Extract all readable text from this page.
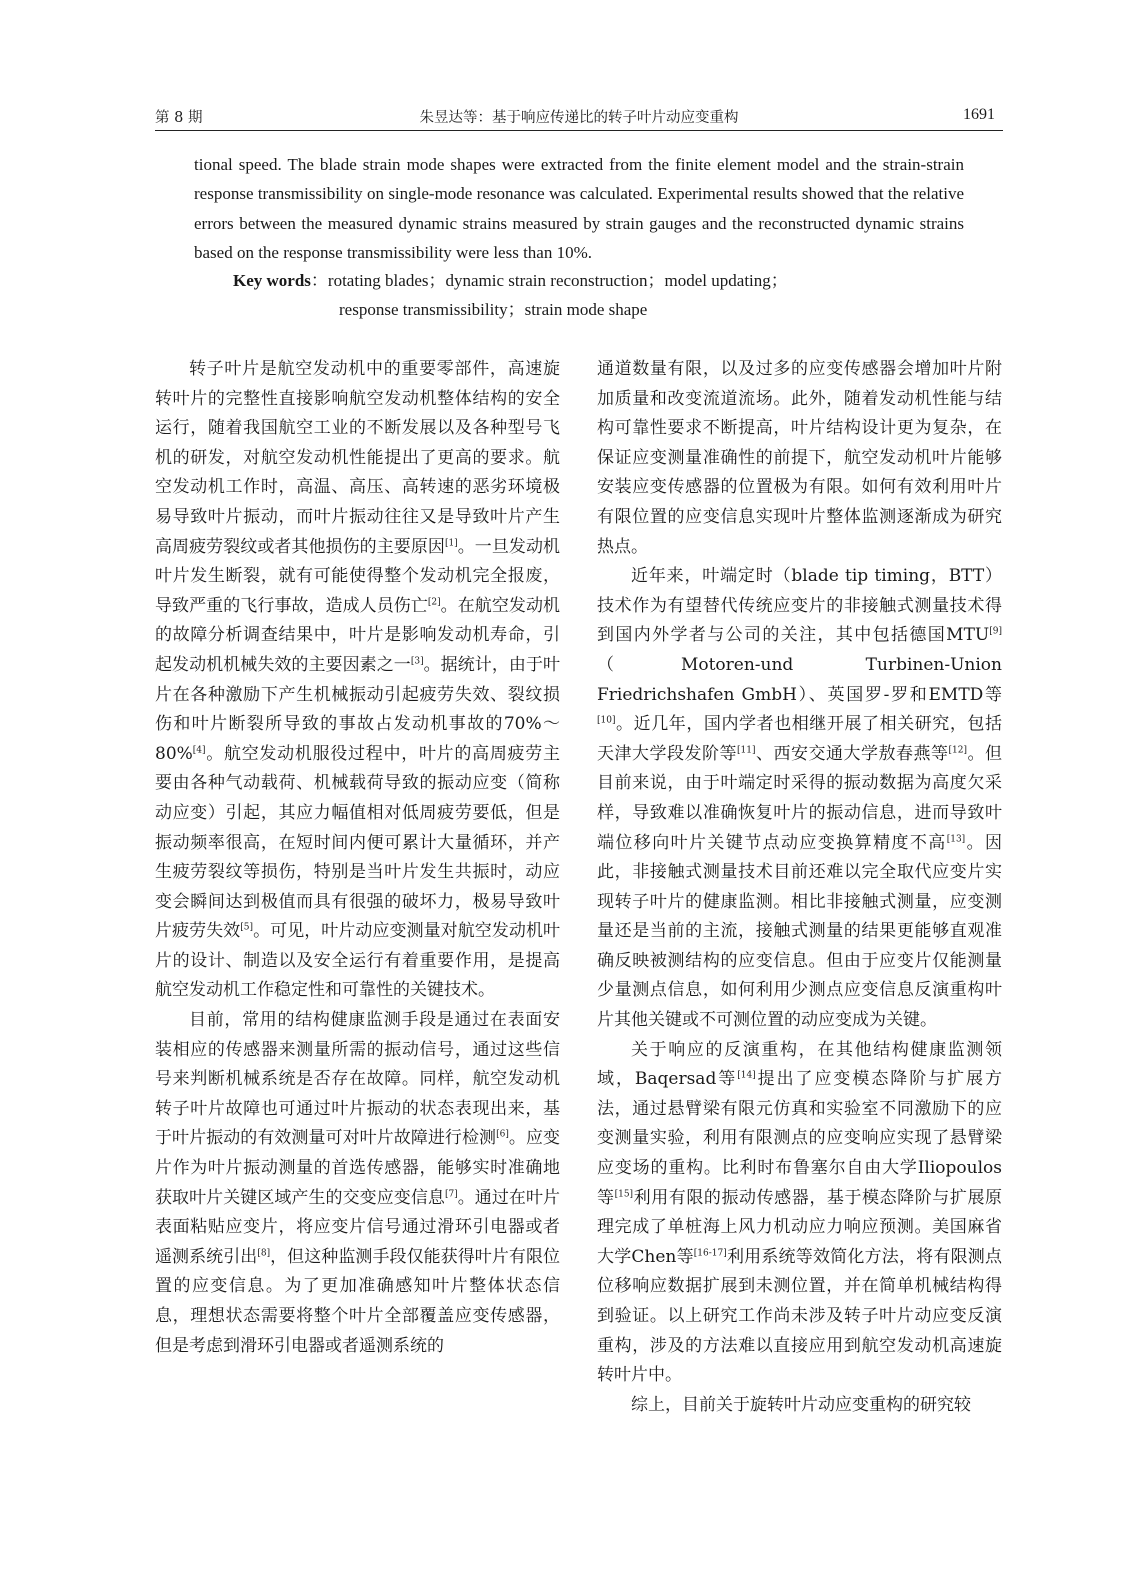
第 8 期	朱昱达等：基于响应传递比的转子叶片动应变重构	1691

tional speed. The blade strain mode shapes were extracted from the finite element model and the strain-strain response transmissibility on single-mode resonance was calculated. Experimental results showed that the relative errors between the measured dynamic strains measured by strain gauges and the reconstructed dynamic strains based on the response transmissibility were less than 10%.

Key words：rotating blades；dynamic strain reconstruction；model updating；
response transmissibility；strain mode shape

转子叶片是航空发动机中的重要零部件，高速旋转叶片的完整性直接影响航空发动机整体结构的安全运行，随着我国航空工业的不断发展以及各种型号飞机的研发，对航空发动机性能提出了更高的要求。航空发动机工作时，高温、高压、高转速的恶劣环境极易导致叶片振动，而叶片振动往往又是导致叶片产生高周疲劳裂纹或者其他损伤的主要原因[1]。一旦发动机叶片发生断裂，就有可能使得整个发动机完全报废，导致严重的飞行事故，造成人员伤亡[2]。在航空发动机的故障分析调查结果中，叶片是影响发动机寿命，引起发动机机械失效的主要因素之一[3]。据统计，由于叶片在各种激励下产生机械振动引起疲劳失效、裂纹损伤和叶片断裂所导致的事故占发动机事故的70%～80%[4]。航空发动机服役过程中，叶片的高周疲劳主要由各种气动载荷、机械载荷导致的振动应变（简称动应变）引起，其应力幅值相对低周疲劳要低，但是振动频率很高，在短时间内便可累计大量循环，并产生疲劳裂纹等损伤，特别是当叶片发生共振时，动应变会瞬间达到极值而具有很强的破坏力，极易导致叶片疲劳失效[5]。可见，叶片动应变测量对航空发动机叶片的设计、制造以及安全运行有着重要作用，是提高航空发动机工作稳定性和可靠性的关键技术。

目前，常用的结构健康监测手段是通过在表面安装相应的传感器来测量所需的振动信号，通过这些信号来判断机械系统是否存在故障。同样，航空发动机转子叶片故障也可通过叶片振动的状态表现出来，基于叶片振动的有效测量可对叶片故障进行检测[6]。应变片作为叶片振动测量的首选传感器，能够实时准确地获取叶片关键区域产生的交变应变信息[7]。通过在叶片表面粘贴应变片，将应变片信号通过滑环引电器或者遥测系统引出[8]，但这种监测手段仅能获得叶片有限位置的应变信息。为了更加准确感知叶片整体状态信息，理想状态需要将整个叶片全部覆盖应变传感器，但是考虑到滑环引电器或者遥测系统的

通道数量有限，以及过多的应变传感器会增加叶片附加质量和改变流道流场。此外，随着发动机性能与结构可靠性要求不断提高，叶片结构设计更为复杂，在保证应变测量准确性的前提下，航空发动机叶片能够安装应变传感器的位置极为有限。如何有效利用叶片有限位置的应变信息实现叶片整体监测逐渐成为研究热点。

近年来，叶端定时（blade tip timing，BTT）技术作为有望替代传统应变片的非接触式测量技术得到国内外学者与公司的关注，其中包括德国MTU[9]（Motoren-und Turbinen-Union Friedrichshafen GmbH）、英国罗-罗和EMTD等[10]。近几年，国内学者也相继开展了相关研究，包括天津大学段发阶等[11]、西安交通大学敖春燕等[12]。但目前来说，由于叶端定时采得的振动数据为高度欠采样，导致难以准确恢复叶片的振动信息，进而导致叶端位移向叶片关键节点动应变换算精度不高[13]。因此，非接触式测量技术目前还难以完全取代应变片实现转子叶片的健康监测。相比非接触式测量，应变测量还是当前的主流，接触式测量的结果更能够直观准确反映被测结构的应变信息。但由于应变片仅能测量少量测点信息，如何利用少测点应变信息反演重构叶片其他关键或不可测位置的动应变成为关键。

关于响应的反演重构，在其他结构健康监测领域，Baqersad等[14]提出了应变模态降阶与扩展方法，通过悬臂梁有限元仿真和实验室不同激励下的应变测量实验，利用有限测点的应变响应实现了悬臂梁应变场的重构。比利时布鲁塞尔自由大学Iliopoulos等[15]利用有限的振动传感器，基于模态降阶与扩展原理完成了单桩海上风力机动应力响应预测。美国麻省大学Chen等[16-17]利用系统等效简化方法，将有限测点位移响应数据扩展到未测位置，并在简单机械结构得到验证。以上研究工作尚未涉及转子叶片动应变反演重构，涉及的方法难以直接应用到航空发动机高速旋转叶片中。

综上，目前关于旋转叶片动应变重构的研究较
